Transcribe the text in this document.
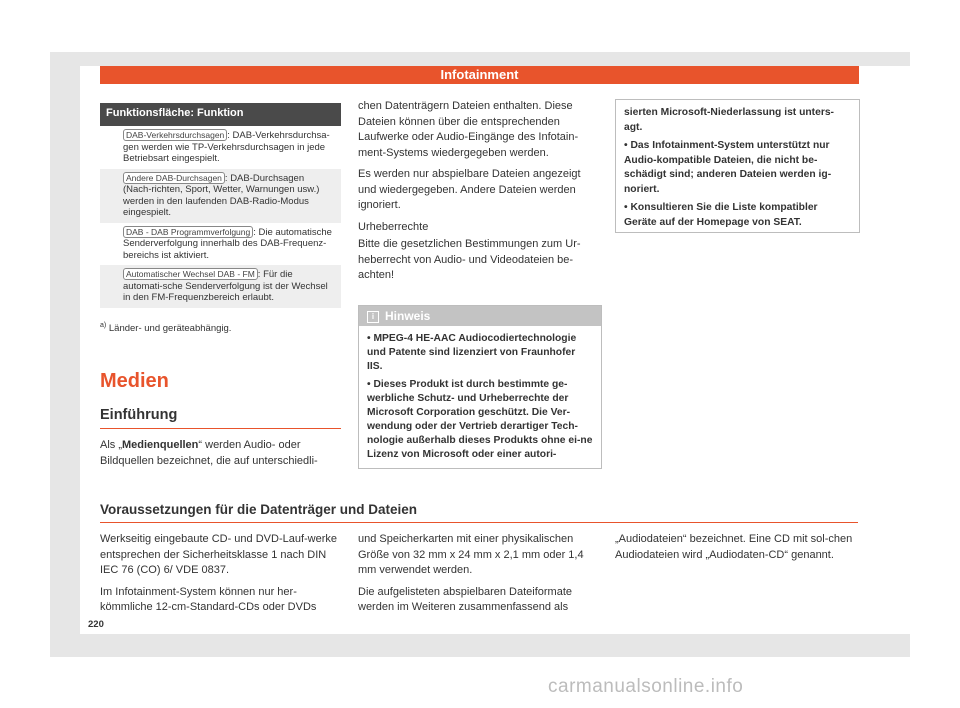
Infotainment
Funktionsfläche: Funktion
DAB-Verkehrsdurchsagen : DAB-Verkehrsdurchsa-gen werden wie TP-Verkehrsdurchsagen in jede Betriebsart eingespielt.
Andere DAB-Durchsagen : DAB-Durchsagen (Nach-richten, Sport, Wetter, Warnungen usw.) werden in den laufenden DAB-Radio-Modus eingespielt.
DAB - DAB Programmverfolgung : Die automatische Senderverfolgung innerhalb des DAB-Frequenz-bereichs ist aktiviert.
Automatischer Wechsel DAB - FM : Für die automati-sche Senderverfolgung ist der Wechsel in den FM-Frequenzbereich erlaubt.
$^{a)}$ Länder- und geräteabhängig.
Medien
Einführung
Als „Medienquellen“ werden Audio- oder Bildquellen bezeichnet, die auf unterschiedli-

chen Datenträgern Dateien enthalten. Diese Dateien können über die entsprechenden Laufwerke oder Audio-Eingänge des Infotain-ment-Systems wiedergegeben werden.

Es werden nur abspielbare Dateien angezeigt und wiedergegeben. Andere Dateien werden ignoriert.

Urheberrechte

Bitte die gesetzlichen Bestimmungen zum Ur-heberrecht von Audio- und Videodateien be-achten!

i Hinweis

• MPEG-4 HE-AAC Audiocodiertechnologie und Patente sind lizenziert von Fraunhofer IIS.

• Dieses Produkt ist durch bestimmte ge-werbliche Schutz- und Urheberrechte der Microsoft Corporation geschützt. Die Ver-wendung oder der Vertrieb derartiger Tech-nologie außerhalb dieses Produkts ohne ei-ne Lizenz von Microsoft oder einer autori-

sierten Microsoft-Niederlassung ist unters-agt.

• Das Infotainment-System unterstützt nur Audio-kompatible Dateien, die nicht be-schädigt sind; anderen Dateien werden ig-noriert.

• Konsultieren Sie die Liste kompatibler Geräte auf der Homepage von SEAT.

Voraussetzungen für die Datenträger und Dateien

Werkseitig eingebaute CD- und DVD-Lauf-werke entsprechen der Sicherheitsklasse 1 nach DIN IEC 76 (CO) 6/ VDE 0837.

Im Infotainment-System können nur her-kömmliche 12-cm-Standard-CDs oder DVDs

und Speicherkarten mit einer physikalischen Größe von 32 mm x 24 mm x 2,1 mm oder 1,4 mm verwendet werden.

Die aufgelisteten abspielbaren Dateiformate werden im Weiteren zusammenfassend als

„Audiodateien“ bezeichnet. Eine CD mit sol-chen Audiodateien wird „Audiodaten-CD“ genannt.

220
carmanualsonline.info
